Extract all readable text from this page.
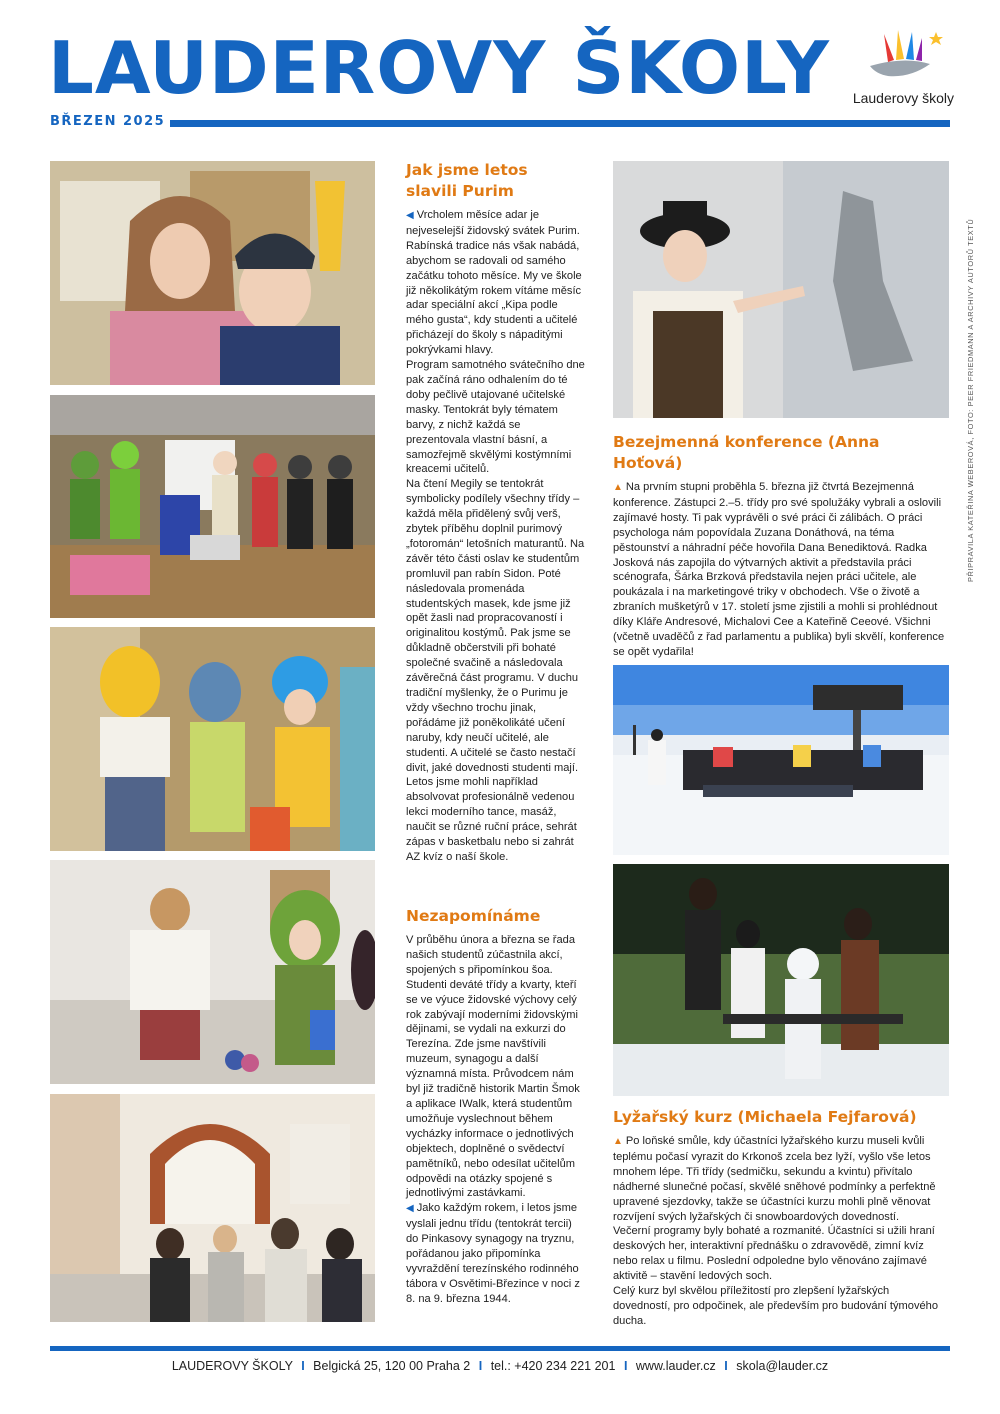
LAUDEROVY ŠKOLY
BŘEZEN 2025
Lauderovy školy
Jak jsme letos slavili Purim

◀ Vrcholem měsíce adar je nejveselejší židovský svátek Purim. Rabínská tradice nás však nabádá, abychom se radovali od samého začátku tohoto měsíce. My ve škole již několikátým rokem vítáme měsíc adar speciální akcí „Kipa podle mého gusta“, kdy studenti a učitelé přicházejí do školy s nápaditými pokrývkami hlavy.

Program samotného svátečního dne pak začíná ráno odhalením do té doby pečlivě utajované učitelské masky. Tentokrát byly tématem barvy, z nichž každá se prezentovala vlastní básní, a samozřejmě skvělými kostýmními kreacemi učitelů.

Na čtení Megily se tentokrát symbolicky podílely všechny třídy – každá měla přidělený svůj verš, zbytek příběhu doplnil purimový „fotoromán“ letošních maturantů. Na závěr této části oslav ke studentům promluvil pan rabín Sidon. Poté následovala promenáda studentských masek, kde jsme již opět žasli nad propracovaností i originalitou kostýmů. Pak jsme se důkladně občerstvili při bohaté společné svačině a následovala závěrečná část programu. V duchu tradiční myšlenky, že o Purimu je vždy všechno trochu jinak, pořádáme již poněkolikáté učení naruby, kdy neučí učitelé, ale studenti. A učitelé se často nestačí divit, jaké dovednosti studenti mají. Letos jsme mohli například absolvovat profesionálně vedenou lekci moderního tance, masáž, naučit se různé ruční práce, sehrát zápas v basketbalu nebo si zahrát AZ kvíz o naší škole.

Nezapomínáme

V průběhu února a března se řada našich studentů zúčastnila akcí, spojených s připomínkou šoa. Studenti deváté třídy a kvarty, kteří se ve výuce židovské výchovy celý rok zabývají moderními židovskými dějinami, se vydali na exkurzi do Terezína. Zde jsme navštívili muzeum, synagogu a další významná místa. Průvodcem nám byl již tradičně historik Martin Šmok a aplikace IWalk, která studentům umožňuje vyslechnout během vycházky informace o jednotlivých objektech, doplněné o svědectví pamětníků, nebo odesílat učitelům odpovědi na otázky spojené s jednotlivými zastávkami.

◀ Jako každým rokem, i letos jsme vyslali jednu třídu (tentokrát tercii) do Pinkasovy synagogy na tryznu, pořádanou jako připomínka vyvraždění terezínského rodinného tábora v Osvětimi-Březince v noci z 8. na 9. března 1944.

Bezejmenná konference (Anna Hoťová)

▲ Na prvním stupni proběhla 5. března již čtvrtá Bezejmenná konference. Zástupci 2.–5. třídy pro své spolužáky vybrali a oslovili zajímavé hosty. Ti pak vyprávěli o své práci či zálibách. O práci psychologa nám popovídala Zuzana Donáthová, na téma pěstounství a náhradní péče hovořila Dana Benediktová. Radka Josková nás zapojila do výtvarných aktivit a představila práci scénografa, Šárka Brzková představila nejen práci učitele, ale poukázala i na marketingové triky v obchodech. Vše o životě a zbraních mušketýrů v 17. století jsme zjistili a mohli si prohlédnout díky Kláře Andresové, Michalovi Cee a Kateřině Ceeové. Všichni (včetně uvaděčů z řad parlamentu a publika) byli skvělí, konference se opět vydařila!

Lyžařský kurz (Michaela Fejfarová)

▲ Po loňské smůle, kdy účastníci lyžařského kurzu museli kvůli teplému počasí vyrazit do Krkonoš zcela bez lyží, vyšlo vše letos mnohem lépe. Tři třídy (sedmičku, sekundu a kvintu) přivítalo nádherné slunečné počasí, skvělé sněhové podmínky a perfektně upravené sjezdovky, takže se účastníci kurzu mohli plně věnovat rozvíjení svých lyžařských či snowboardových dovedností.

Večerní programy byly bohaté a rozmanité. Účastníci si užili hraní deskových her, interaktivní přednášku o zdravovědě, zimní kvíz nebo relax u filmu. Poslední odpoledne bylo věnováno zajímavé aktivitě – stavění ledových soch.

Celý kurz byl skvělou příležitostí pro zlepšení lyžařských dovedností, pro odpočinek, ale především pro budování týmového ducha.

PŘIPRAVILA KATEŘINA WEBEROVÁ, FOTO: PEER FRIEDMANN A ARCHIVY AUTORŮ TEXTŮ
LAUDEROVY ŠKOLY I Belgická 25, 120 00 Praha 2 I tel.: +420 234 221 201 I www.lauder.cz I skola@lauder.cz
